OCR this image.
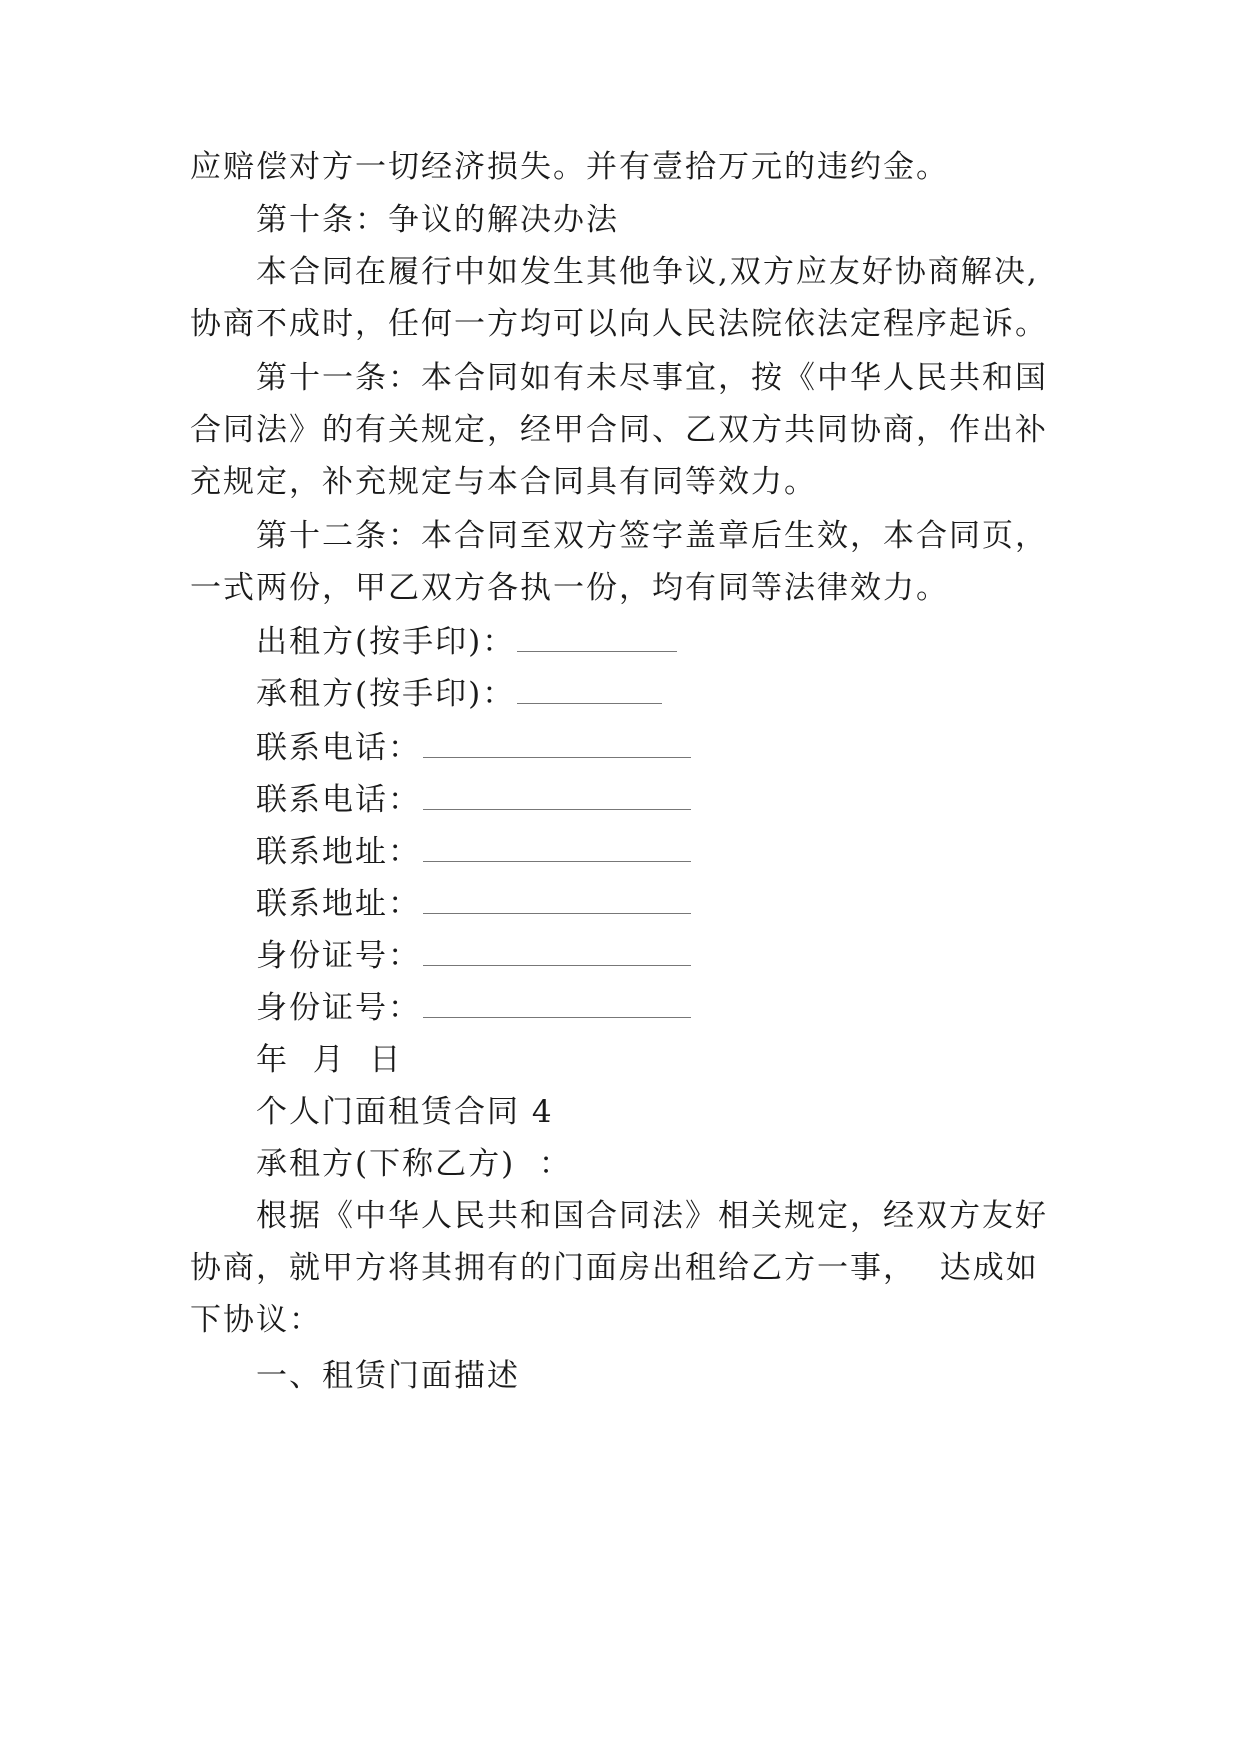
应赔偿对方一切经济损失。并有壹拾万元的违约金。
第十条：争议的解决办法
本合同在履行中如发生其他争议,双方应友好协商解决,
协商不成时，任何一方均可以向人民法院依法定程序起诉。
第十一条：本合同如有未尽事宜，按《中华人民共和国
合同法》的有关规定，经甲合同、乙双方共同协商，作出补
充规定，补充规定与本合同具有同等效力。
第十二条：本合同至双方签字盖章后生效，本合同页，
一式两份，甲乙双方各执一份，均有同等法律效力。
出租方(按手印)：
承租方(按手印)：
联系电话：
联系电话：
联系地址：
联系地址：
身份证号：
身份证号：
年  月  日
个人门面租赁合同 4
承租方(下称乙方)  ：
根据《中华人民共和国合同法》相关规定，经双方友好
协商，就甲方将其拥有的门面房出租给乙方一事，  达成如
下协议：
一、租赁门面描述
